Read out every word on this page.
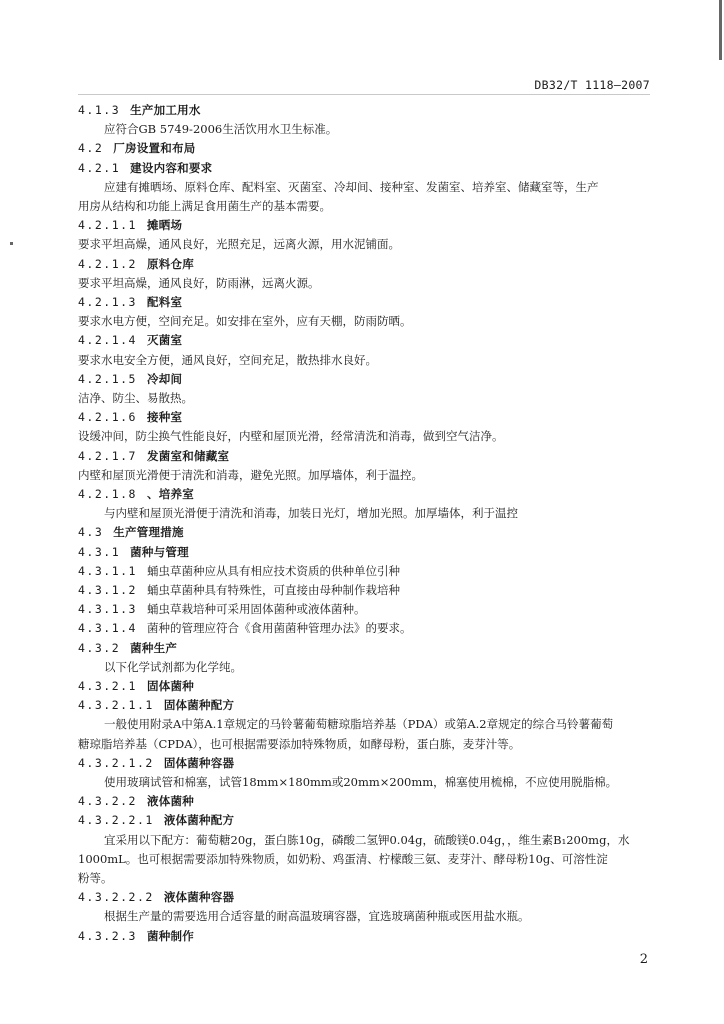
DB32/T 1118—2007
4.1.3 生产加工用水
应符合GB 5749-2006生活饮用水卫生标准。
4.2 厂房设置和布局
4.2.1 建设内容和要求
应建有摊晒场、原料仓库、配料室、灭菌室、冷却间、接种室、发菌室、培养室、储藏室等，生产
用房从结构和功能上满足食用菌生产的基本需要。
4.2.1.1 摊晒场
要求平坦高燥，通风良好，光照充足，远离火源，用水泥铺面。
4.2.1.2 原料仓库
要求平坦高燥，通风良好，防雨淋，远离火源。
4.2.1.3 配料室
要求水电方便，空间充足。如安排在室外，应有天棚，防雨防晒。
4.2.1.4 灭菌室
要求水电安全方便，通风良好，空间充足，散热排水良好。
4.2.1.5 冷却间
洁净、防尘、易散热。
4.2.1.6 接种室
设缓冲间，防尘换气性能良好，内壁和屋顶光滑，经常清洗和消毒，做到空气洁净。
4.2.1.7 发菌室和储藏室
内壁和屋顶光滑便于清洗和消毒，避免光照。加厚墙体，利于温控。
4.2.1.8 、培养室
与内壁和屋顶光滑便于清洗和消毒，加装日光灯，增加光照。加厚墙体，利于温控
4.3 生产管理措施
4.3.1 菌种与管理
4.3.1.1 蛹虫草菌种应从具有相应技术资质的供种单位引种
4.3.1.2 蛹虫草菌种具有特殊性，可直接由母种制作栽培种
4.3.1.3 蛹虫草栽培种可采用固体菌种或液体菌种。
4.3.1.4 菌种的管理应符合《食用菌菌种管理办法》的要求。
4.3.2 菌种生产
以下化学试剂都为化学纯。
4.3.2.1 固体菌种
4.3.2.1.1 固体菌种配方
一般使用附录A中第A.1章规定的马铃薯葡萄糖琼脂培养基（PDA）或第A.2章规定的综合马铃薯葡萄
糖琼脂培养基（CPDA），也可根据需要添加特殊物质，如酵母粉，蛋白胨，麦芽汁等。
4.3.2.1.2 固体菌种容器
使用玻璃试管和棉塞，试管18mm×180mm或20mm×200mm，棉塞使用梳棉，不应使用脱脂棉。
4.3.2.2 液体菌种
4.3.2.2.1 液体菌种配方
宜采用以下配方：葡萄糖20g，蛋白胨10g，磷酸二氢钾0.04g，硫酸镁0.04g，，维生素B₁200mg，水
1000mL。也可根据需要添加特殊物质，如奶粉、鸡蛋清、柠檬酸三氨、麦芽汁、酵母粉10g、可溶性淀
粉等。
4.3.2.2.2 液体菌种容器
根据生产量的需要选用合适容量的耐高温玻璃容器，宜选玻璃菌种瓶或医用盐水瓶。
4.3.2.3 菌种制作
2
